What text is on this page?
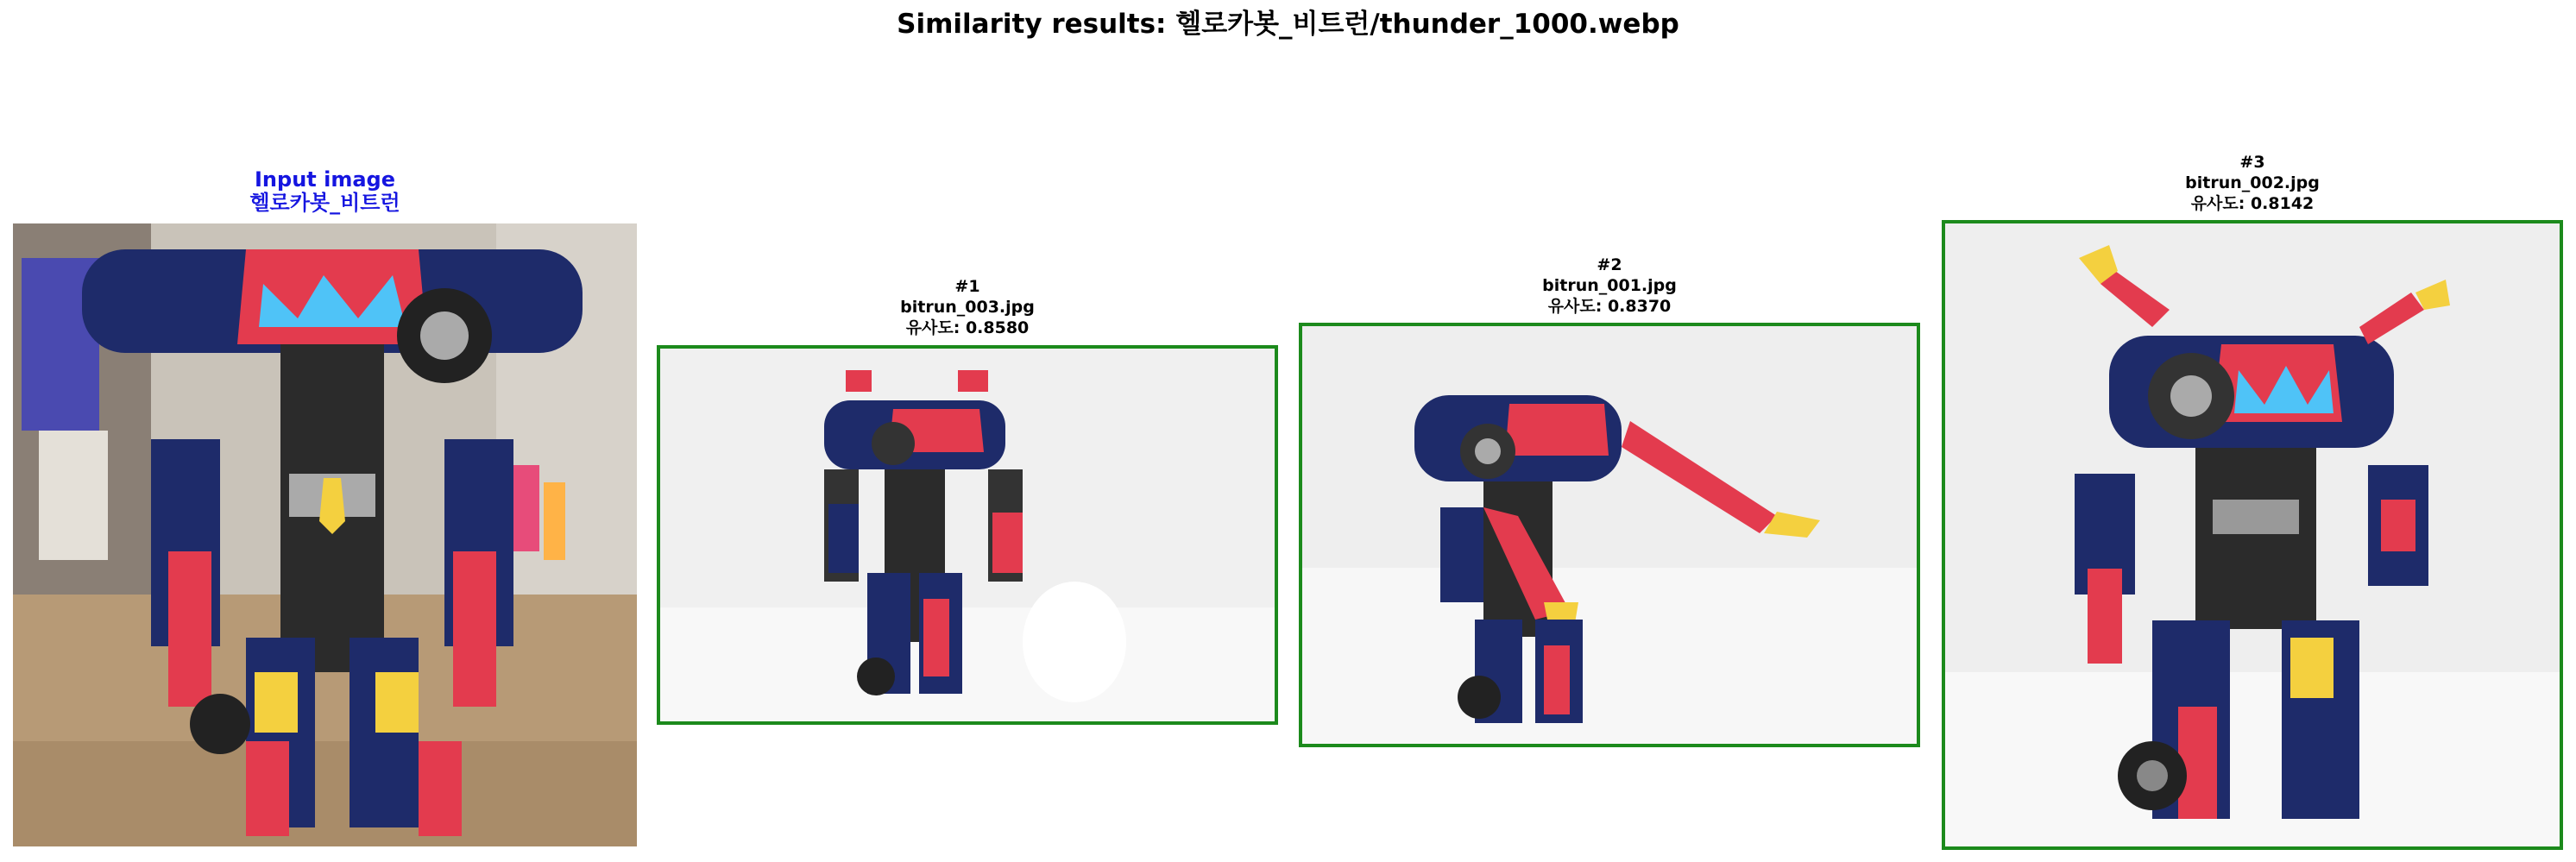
Similarity results: 헬로카봇_비트런/thunder_1000.webp
Input image
헬로카봇_비트런
#1
bitrun_003.jpg
유사도: 0.8580
#2
bitrun_001.jpg
유사도: 0.8370
#3
bitrun_002.jpg
유사도: 0.8142
